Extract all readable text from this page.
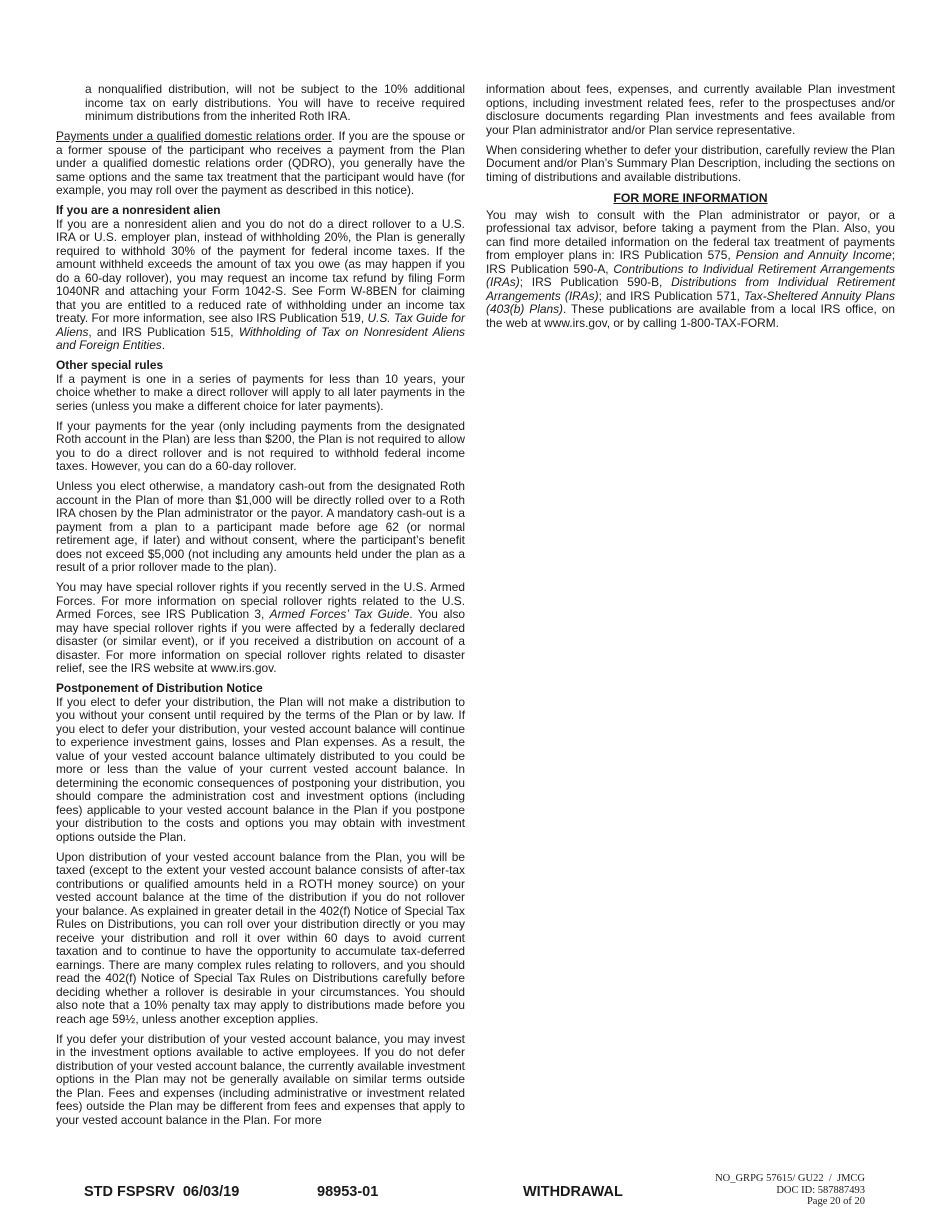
a nonqualified distribution, will not be subject to the 10% additional income tax on early distributions. You will have to receive required minimum distributions from the inherited Roth IRA.

Payments under a qualified domestic relations order. If you are the spouse or a former spouse of the participant who receives a payment from the Plan under a qualified domestic relations order (QDRO), you generally have the same options and the same tax treatment that the participant would have (for example, you may roll over the payment as described in this notice).

If you are a nonresident alien

If you are a nonresident alien and you do not do a direct rollover to a U.S. IRA or U.S. employer plan, instead of withholding 20%, the Plan is generally required to withhold 30% of the payment for federal income taxes. If the amount withheld exceeds the amount of tax you owe (as may happen if you do a 60-day rollover), you may request an income tax refund by filing Form 1040NR and attaching your Form 1042-S. See Form W-8BEN for claiming that you are entitled to a reduced rate of withholding under an income tax treaty. For more information, see also IRS Publication 519, U.S. Tax Guide for Aliens, and IRS Publication 515, Withholding of Tax on Nonresident Aliens and Foreign Entities.

Other special rules

If a payment is one in a series of payments for less than 10 years, your choice whether to make a direct rollover will apply to all later payments in the series (unless you make a different choice for later payments).

If your payments for the year (only including payments from the designated Roth account in the Plan) are less than $200, the Plan is not required to allow you to do a direct rollover and is not required to withhold federal income taxes. However, you can do a 60-day rollover.

Unless you elect otherwise, a mandatory cash-out from the designated Roth account in the Plan of more than $1,000 will be directly rolled over to a Roth IRA chosen by the Plan administrator or the payor. A mandatory cash-out is a payment from a plan to a participant made before age 62 (or normal retirement age, if later) and without consent, where the participant’s benefit does not exceed $5,000 (not including any amounts held under the plan as a result of a prior rollover made to the plan).

You may have special rollover rights if you recently served in the U.S. Armed Forces. For more information on special rollover rights related to the U.S. Armed Forces, see IRS Publication 3, Armed Forces’ Tax Guide. You also may have special rollover rights if you were affected by a federally declared disaster (or similar event), or if you received a distribution on account of a disaster. For more information on special rollover rights related to disaster relief, see the IRS website at www.irs.gov.

Postponement of Distribution Notice

If you elect to defer your distribution, the Plan will not make a distribution to you without your consent until required by the terms of the Plan or by law. If you elect to defer your distribution, your vested account balance will continue to experience investment gains, losses and Plan expenses. As a result, the value of your vested account balance ultimately distributed to you could be more or less than the value of your current vested account balance. In determining the economic consequences of postponing your distribution, you should compare the administration cost and investment options (including fees) applicable to your vested account balance in the Plan if you postpone your distribution to the costs and options you may obtain with investment options outside the Plan.

Upon distribution of your vested account balance from the Plan, you will be taxed (except to the extent your vested account balance consists of after-tax contributions or qualified amounts held in a ROTH money source) on your vested account balance at the time of the distribution if you do not rollover your balance. As explained in greater detail in the 402(f) Notice of Special Tax Rules on Distributions, you can roll over your distribution directly or you may receive your distribution and roll it over within 60 days to avoid current taxation and to continue to have the opportunity to accumulate tax-deferred earnings. There are many complex rules relating to rollovers, and you should read the 402(f) Notice of Special Tax Rules on Distributions carefully before deciding whether a rollover is desirable in your circumstances. You should also note that a 10% penalty tax may apply to distributions made before you reach age 59½, unless another exception applies.

If you defer your distribution of your vested account balance, you may invest in the investment options available to active employees. If you do not defer distribution of your vested account balance, the currently available investment options in the Plan may not be generally available on similar terms outside the Plan. Fees and expenses (including administrative or investment related fees) outside the Plan may be different from fees and expenses that apply to your vested account balance in the Plan. For more

information about fees, expenses, and currently available Plan investment options, including investment related fees, refer to the prospectuses and/or disclosure documents regarding Plan investments and fees available from your Plan administrator and/or Plan service representative.

When considering whether to defer your distribution, carefully review the Plan Document and/or Plan’s Summary Plan Description, including the sections on timing of distributions and available distributions.

FOR MORE INFORMATION

You may wish to consult with the Plan administrator or payor, or a professional tax advisor, before taking a payment from the Plan. Also, you can find more detailed information on the federal tax treatment of payments from employer plans in: IRS Publication 575, Pension and Annuity Income; IRS Publication 590-A, Contributions to Individual Retirement Arrangements (IRAs); IRS Publication 590-B, Distributions from Individual Retirement Arrangements (IRAs); and IRS Publication 571, Tax-Sheltered Annuity Plans (403(b) Plans). These publications are available from a local IRS office, on the web at www.irs.gov, or by calling 1-800-TAX-FORM.

STD FSPSRV  06/03/19	98953-01	WITHDRAWAL
NO_GRPG 57615/ GU22  /  JMCG
DOC ID: 587887493
Page 20 of 20
